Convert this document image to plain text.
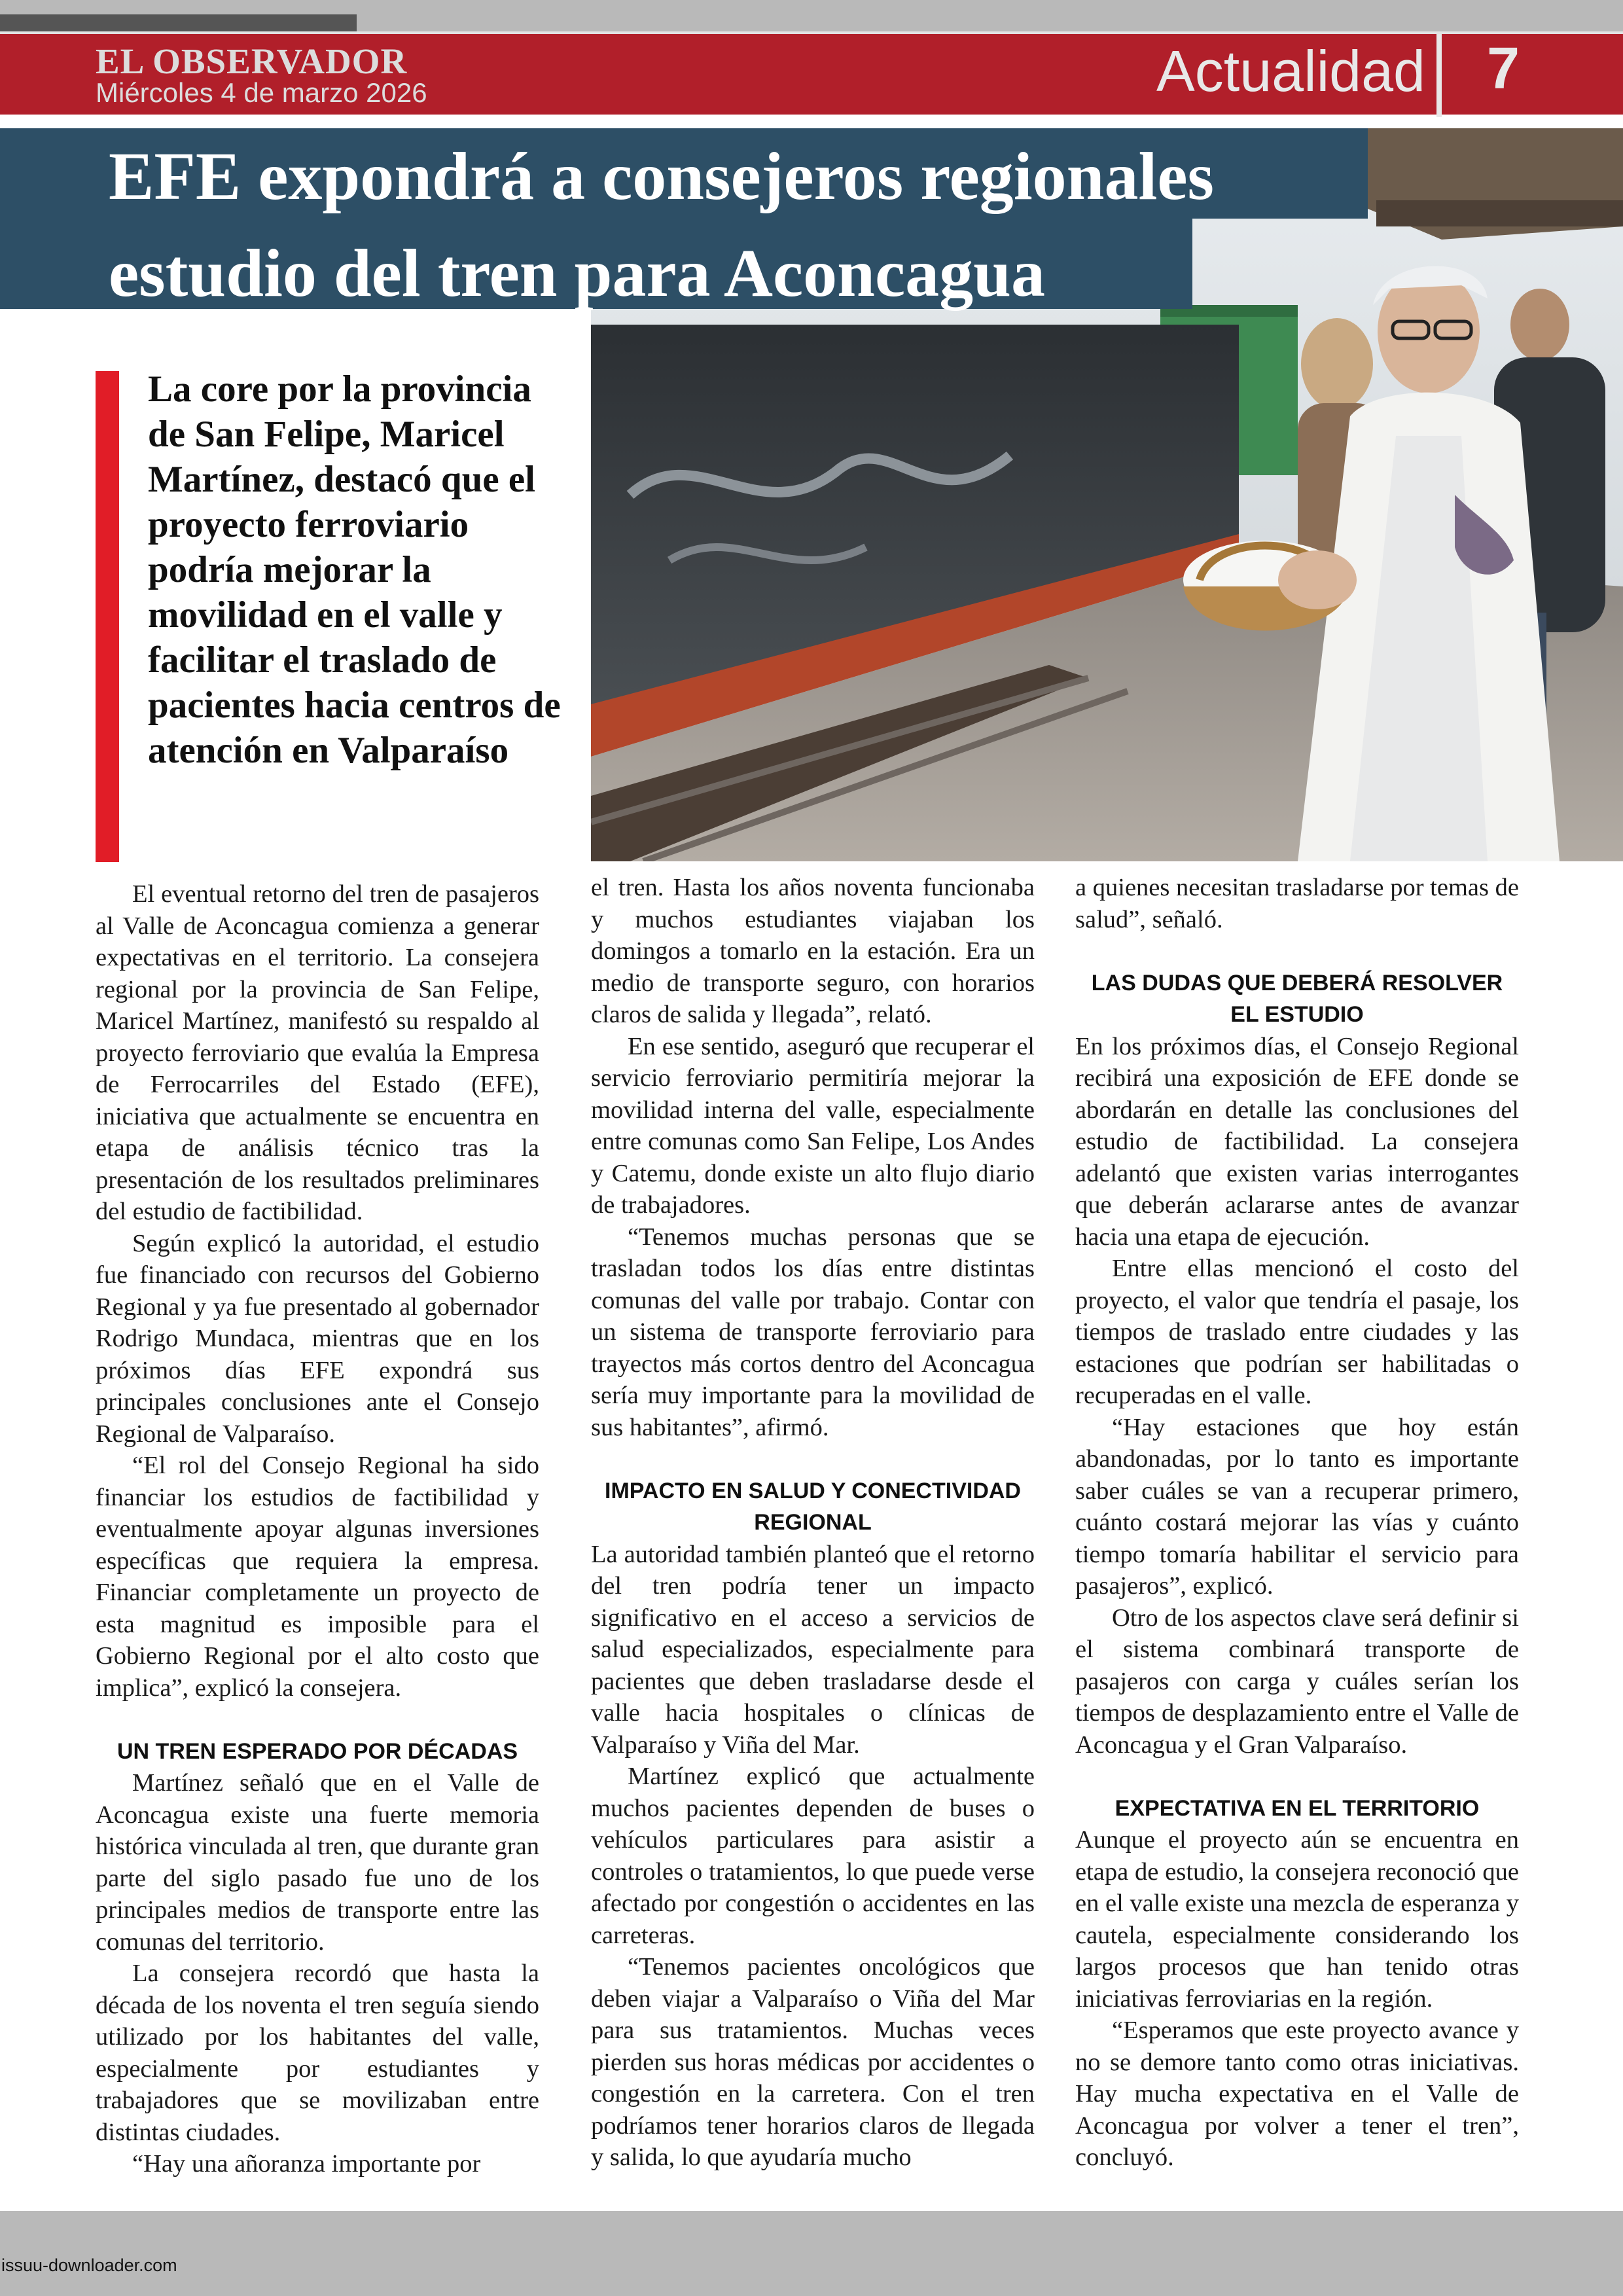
EL OBSERVADOR
Miércoles 4 de marzo 2026	Actualidad 7
EFE expondrá a consejeros regionales
estudio del tren para Aconcagua

La core por la provincia de San Felipe, Maricel Martínez, destacó que el proyecto ferroviario podría mejorar la movilidad en el valle y facilitar el traslado de pacientes hacia centros de atención en Valparaíso

El eventual retorno del tren de pasajeros al Valle de Aconcagua comienza a generar expectativas en el territorio. La consejera regional por la provincia de San Felipe, Maricel Martínez, manifestó su respaldo al proyecto ferroviario que evalúa la Empresa de Ferrocarriles del Estado (EFE), iniciativa que actualmente se encuentra en etapa de análisis técnico tras la presentación de los resultados preliminares del estudio de factibilidad.

Según explicó la autoridad, el estudio fue financiado con recursos del Gobierno Regional y ya fue presentado al gobernador Rodrigo Mundaca, mientras que en los próximos días EFE expondrá sus principales conclusiones ante el Consejo Regional de Valparaíso.

“El rol del Consejo Regional ha sido financiar los estudios de factibilidad y eventualmente apoyar algunas inversiones específicas que requiera la empresa. Financiar completamente un proyecto de esta magnitud es imposible para el Gobierno Regional por el alto costo que implica”, explicó la consejera.

UN TREN ESPERADO POR DÉCADAS

Martínez señaló que en el Valle de Aconcagua existe una fuerte memoria histórica vinculada al tren, que durante gran parte del siglo pasado fue uno de los principales medios de transporte entre las comunas del territorio.

La consejera recordó que hasta la década de los noventa el tren seguía siendo utilizado por los habitantes del valle, especialmente por estudiantes y trabajadores que se movilizaban entre distintas ciudades.

“Hay una añoranza importante por

el tren. Hasta los años noventa funcionaba y muchos estudiantes viajaban los domingos a tomarlo en la estación. Era un medio de transporte seguro, con horarios claros de salida y llegada”, relató.

En ese sentido, aseguró que recuperar el servicio ferroviario permitiría mejorar la movilidad interna del valle, especialmente entre comunas como San Felipe, Los Andes y Catemu, donde existe un alto flujo diario de trabajadores.

“Tenemos muchas personas que se trasladan todos los días entre distintas comunas del valle por trabajo. Contar con un sistema de transporte ferroviario para trayectos más cortos dentro del Aconcagua sería muy importante para la movilidad de sus habitantes”, afirmó.

IMPACTO EN SALUD Y CONECTIVIDAD REGIONAL

La autoridad también planteó que el retorno del tren podría tener un impacto significativo en el acceso a servicios de salud especializados, especialmente para pacientes que deben trasladarse desde el valle hacia hospitales o clínicas de Valparaíso y Viña del Mar.

Martínez explicó que actualmente muchos pacientes dependen de buses o vehículos particulares para asistir a controles o tratamientos, lo que puede verse afectado por congestión o accidentes en las carreteras.

“Tenemos pacientes oncológicos que deben viajar a Valparaíso o Viña del Mar para sus tratamientos. Muchas veces pierden sus horas médicas por accidentes o congestión en la carretera. Con el tren podríamos tener horarios claros de llegada y salida, lo que ayudaría mucho

a quienes necesitan trasladarse por temas de salud”, señaló.

LAS DUDAS QUE DEBERÁ RESOLVER EL ESTUDIO

En los próximos días, el Consejo Regional recibirá una exposición de EFE donde se abordarán en detalle las conclusiones del estudio de factibilidad. La consejera adelantó que existen varias interrogantes que deberán aclararse antes de avanzar hacia una etapa de ejecución.

Entre ellas mencionó el costo del proyecto, el valor que tendría el pasaje, los tiempos de traslado entre ciudades y las estaciones que podrían ser habilitadas o recuperadas en el valle.

“Hay estaciones que hoy están abandonadas, por lo tanto es importante saber cuáles se van a recuperar primero, cuánto costará mejorar las vías y cuánto tiempo tomaría habilitar el servicio para pasajeros”, explicó.

Otro de los aspectos clave será definir si el sistema combinará transporte de pasajeros con carga y cuáles serían los tiempos de desplazamiento entre el Valle de Aconcagua y el Gran Valparaíso.

EXPECTATIVA EN EL TERRITORIO

Aunque el proyecto aún se encuentra en etapa de estudio, la consejera reconoció que en el valle existe una mezcla de esperanza y cautela, especialmente considerando los largos procesos que han tenido otras iniciativas ferroviarias en la región.

“Esperamos que este proyecto avance y no se demore tanto como otras iniciativas. Hay mucha expectativa en el Valle de Aconcagua por volver a tener el tren”, concluyó.

issuu-downloader.com
